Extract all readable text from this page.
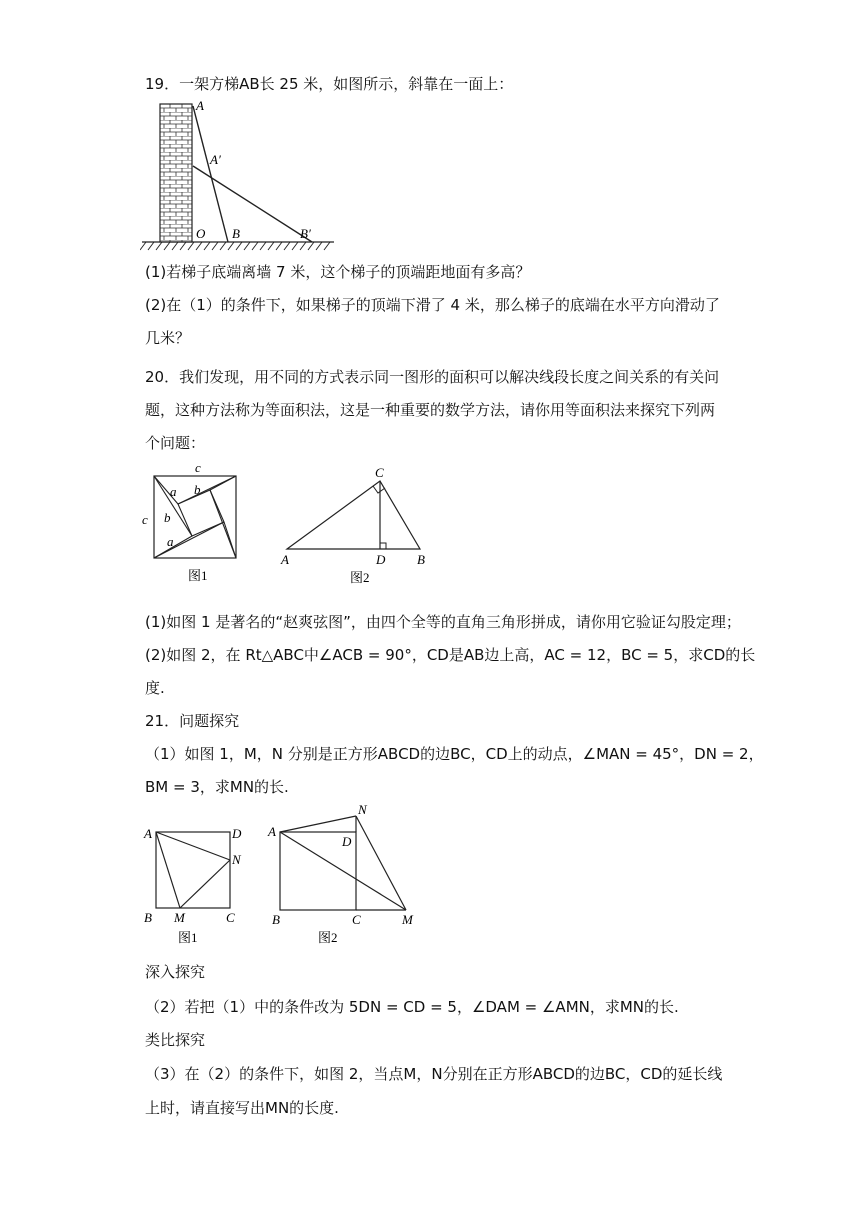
19．一架方梯AB长 25 米，如图所示，斜靠在一面上：
A
A′
O B	B′
(1)若梯子底端离墙 7 米，这个梯子的顶端距地面有多高？
(2)在（1）的条件下，如果梯子的顶端下滑了 4 米，那么梯子的底端在水平方向滑动了
几米？
20．我们发现，用不同的方式表示同一图形的面积可以解决线段长度之间关系的有关问
题，这种方法称为等面积法，这是一种重要的数学方法，请你用等面积法来探究下列两
个问题：
c
c
a b
b
a
图1
C
A	D B
图2
(1)如图 1 是著名的“赵爽弦图”，由四个全等的直角三角形拼成，请你用它验证勾股定理；
(2)如图 2，在 Rt△ABC中∠ACB = 90°，CD是AB边上高，AC = 12，BC = 5，求CD的长
度.
21．问题探究
（1）如图 1，M，N 分别是正方形ABCD的边BC，CD上的动点，∠MAN = 45°，DN = 2，
BM = 3，求MN的长.
A	D
N
B M	C
图1
A
N
D
B	C	M
图2
深入探究
（2）若把（1）中的条件改为 5DN = CD = 5，∠DAM = ∠AMN，求MN的长.
类比探究
（3）在（2）的条件下，如图 2，当点M，N分别在正方形ABCD的边BC，CD的延长线
上时，请直接写出MN的长度.
